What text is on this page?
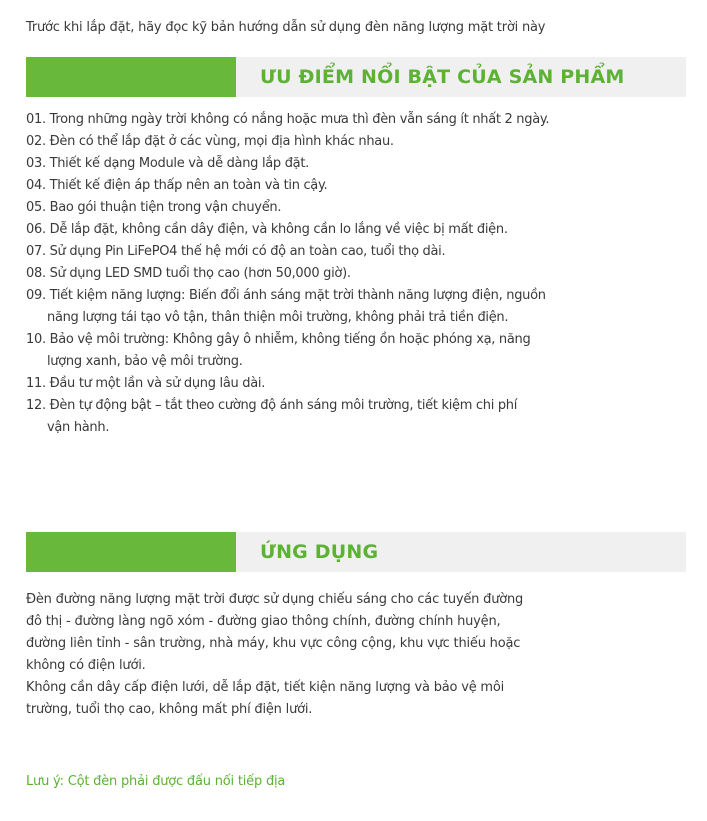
Trước khi lắp đặt, hãy đọc kỹ bản hướng dẫn sử dụng đèn năng lượng mặt trời này
ƯU ĐIỂM NỔI BẬT CỦA SẢN PHẨM
01. Trong những ngày trời không có nắng hoặc mưa thì đèn vẫn sáng ít nhất 2 ngày.
02. Đèn có thể lắp đặt ở các vùng, mọi địa hình khác nhau.
03. Thiết kế dạng Module và dễ dàng lắp đặt.
04. Thiết kế điện áp thấp nên an toàn và tin cậy.
05. Bao gói thuận tiện trong vận chuyển.
06. Dễ lắp đặt, không cần dây điện, và không cần lo lắng về việc bị mất điện.
07. Sử dụng Pin LiFePO4 thế hệ mới có độ an toàn cao, tuổi thọ dài.
08. Sử dụng LED SMD tuổi thọ cao (hơn 50,000 giờ).
09. Tiết kiệm năng lượng: Biến đổi ánh sáng mặt trời thành năng lượng điện, nguồn
năng lượng tái tạo vô tận, thân thiện môi trường, không phải trả tiền điện.
10. Bảo vệ môi trường: Không gây ô nhiễm, không tiếng ồn hoặc phóng xạ, năng
lượng xanh, bảo vệ môi trường.
11. Đầu tư một lần và sử dụng lâu dài.
12. Đèn tự động bật – tắt theo cường độ ánh sáng môi trường, tiết kiệm chi phí
vận hành.
ỨNG DỤNG

Đèn đường năng lượng mặt trời được sử dụng chiếu sáng cho các tuyến đường
đô thị - đường làng ngõ xóm - đường giao thông chính, đường chính huyện,
đường liên tỉnh - sân trường, nhà máy, khu vực công cộng, khu vực thiếu hoặc
không có điện lưới.

Không cần dây cấp điện lưới, dễ lắp đặt, tiết kiện năng lượng và bảo vệ môi
trường, tuổi thọ cao, không mất phí điện lưới.

Lưu ý: Cột đèn phải được đấu nối tiếp địa
